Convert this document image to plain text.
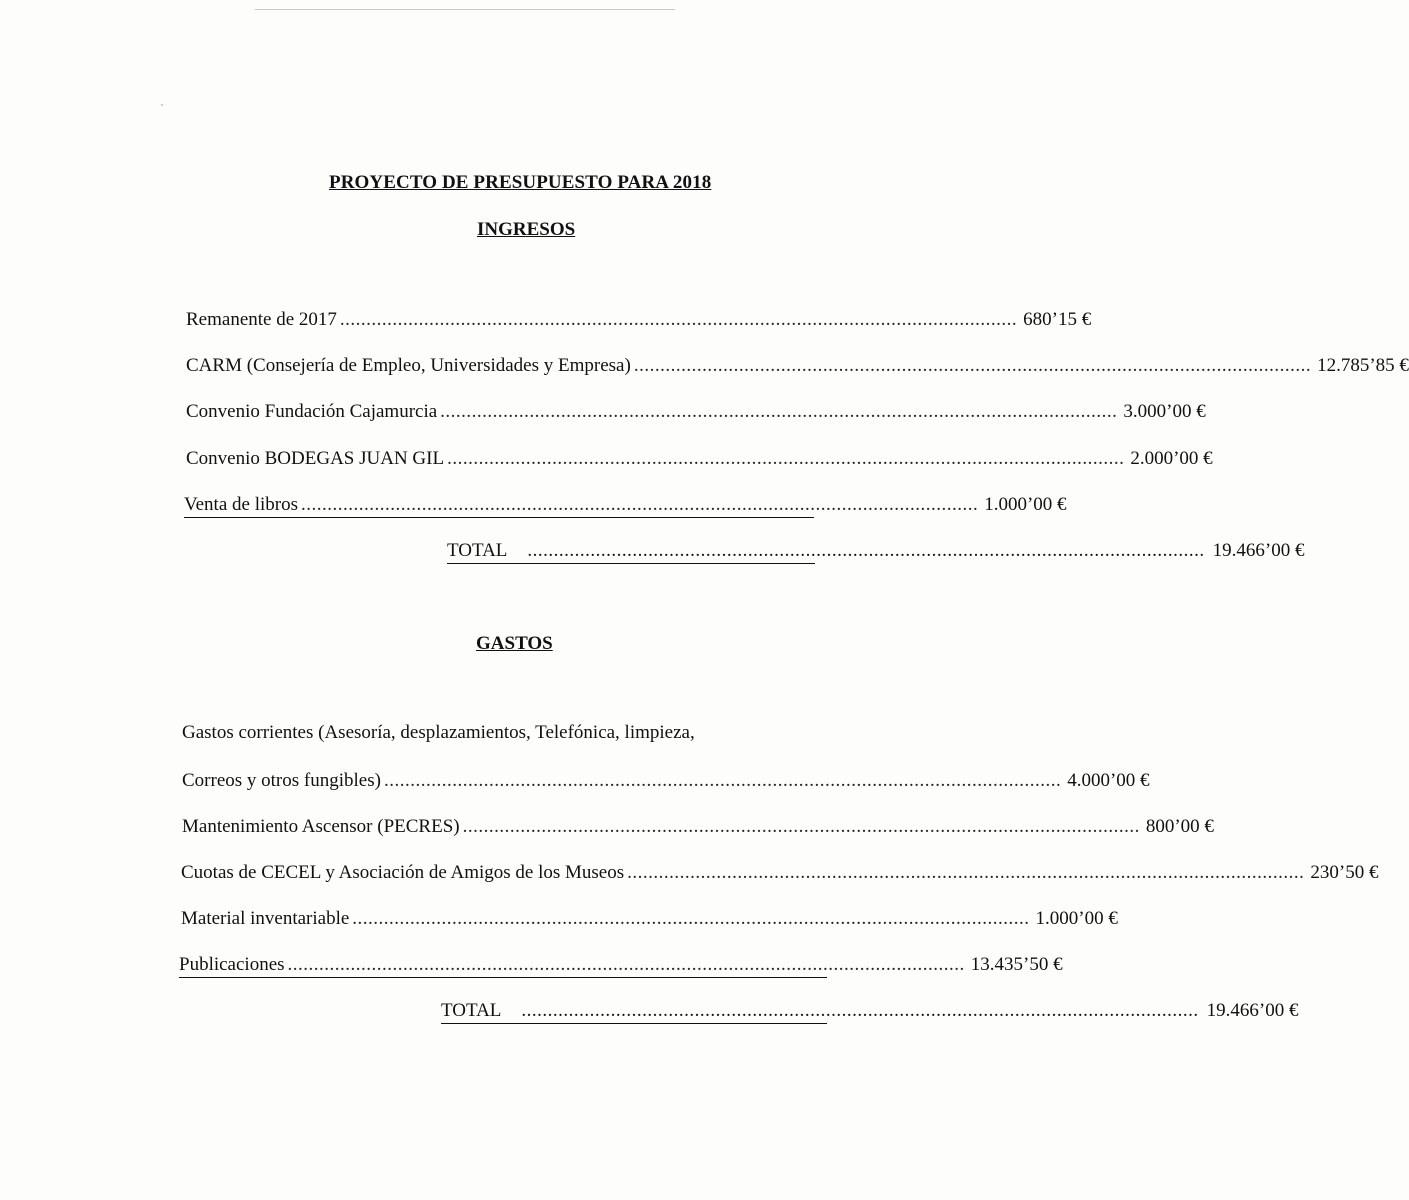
PROYECTO DE PRESUPUESTO PARA 2018
INGRESOS
Remanente de 2017 ................................................................................................................................. 680’15 €
CARM (Consejería de Empleo, Universidades y Empresa) ................................................................................................................................. 12.785’85 €
Convenio Fundación Cajamurcia ................................................................................................................................. 3.000’00 €
Convenio BODEGAS JUAN GIL ................................................................................................................................. 2.000’00 €
Venta de libros ................................................................................................................................. 1.000’00 €
TOTAL ................................................................................................................................. 19.466’00 €
GASTOS
Gastos corrientes (Asesoría, desplazamientos, Telefónica, limpieza,
Correos y otros fungibles) ................................................................................................................................. 4.000’00 €
Mantenimiento Ascensor (PECRES) ................................................................................................................................. 800’00 €
Cuotas de CECEL y Asociación de Amigos de los Museos ................................................................................................................................. 230’50 €
Material inventariable ................................................................................................................................. 1.000’00 €
Publicaciones ................................................................................................................................. 13.435’50 €
TOTAL ................................................................................................................................. 19.466’00 €
